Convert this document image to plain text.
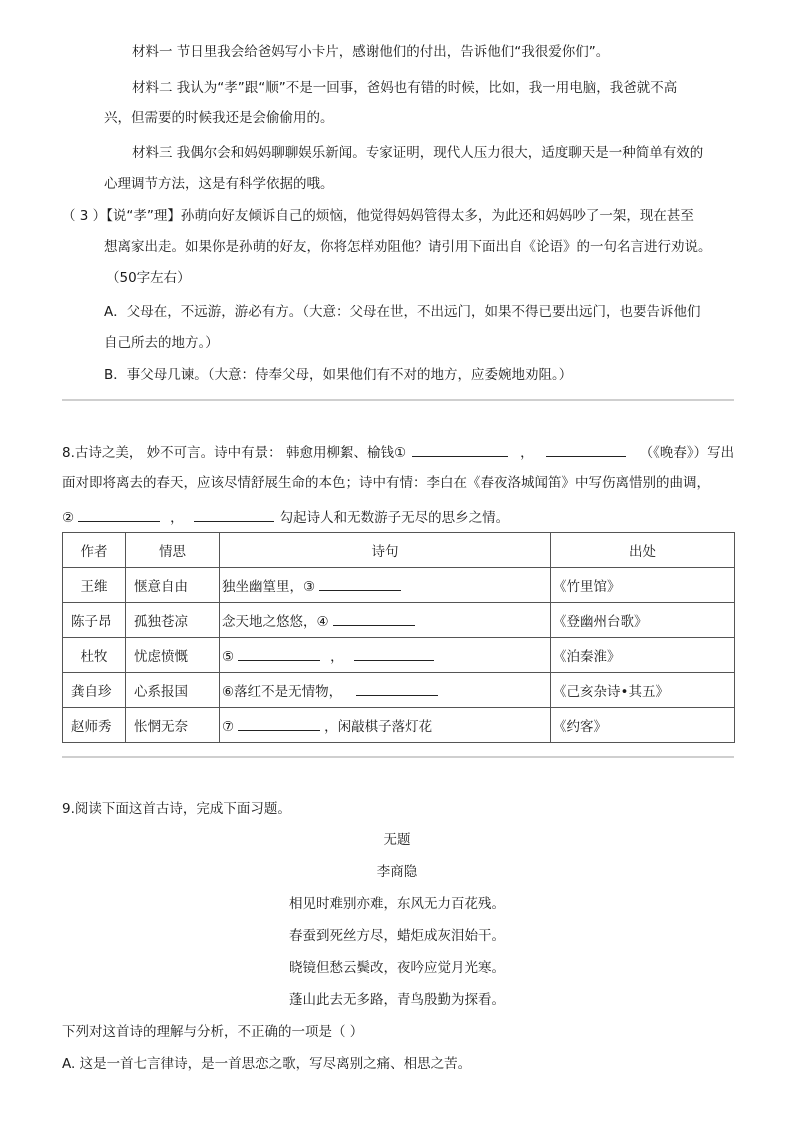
材料一 节日里我会给爸妈写小卡片，感谢他们的付出，告诉他们“我很爱你们”。
材料二 我认为“孝”跟“顺”不是一回事，爸妈也有错的时候，比如，我一用电脑，我爸就不高
兴，但需要的时候我还是会偷偷用的。
材料三 我偶尔会和妈妈聊聊娱乐新闻。专家证明，现代人压力很大，适度聊天是一种简单有效的
心理调节方法，这是有科学依据的哦。
（ 3 ）【说“孝”理】孙萌向好友倾诉自己的烦恼，他觉得妈妈管得太多，为此还和妈妈吵了一架，现在甚至
想离家出走。如果你是孙萌的好友，你将怎样劝阻他？请引用下面出自《论语》的一句名言进行劝说。
（50字左右）
A．父母在，不远游，游必有方。（大意：父母在世，不出远门，如果不得已要出远门，也要告诉他们
自己所去的地方。）
B．事父母几谏。（大意：侍奉父母，如果他们有不对的地方，应委婉地劝阻。）
8.古诗之美， 妙不可言。诗中有景： 韩愈用柳絮、榆钱①	，	（《晚春》）写出
面对即将离去的春天，应该尽情舒展生命的本色；诗中有情：李白在《春夜洛城闻笛》中写伤离惜别的曲调，
②	，	勾起诗人和无数游子无尽的思乡之情。
作者	情思	诗句	出处
王维	惬意自由	独坐幽篁里，③	《竹里馆》
陈子昂	孤独苍凉	念天地之悠悠，④	《登幽州台歌》
杜牧	忧虑愤慨	⑤ ，	《泊秦淮》
龚自珍	心系报国	⑥落红不是无情物，	《己亥杂诗•其五》
赵师秀	怅惘无奈	⑦ ，闲敲棋子落灯花	《约客》
9.阅读下面这首古诗，完成下面习题。
无题
李商隐
相见时难别亦难，东风无力百花残。
春蚕到死丝方尽，蜡炬成灰泪始干。
晓镜但愁云鬓改，夜吟应觉月光寒。
蓬山此去无多路，青鸟殷勤为探看。
下列对这首诗的理解与分析，不正确的一项是（ ）
A. 这是一首七言律诗，是一首思恋之歌，写尽离别之痛、相思之苦。
